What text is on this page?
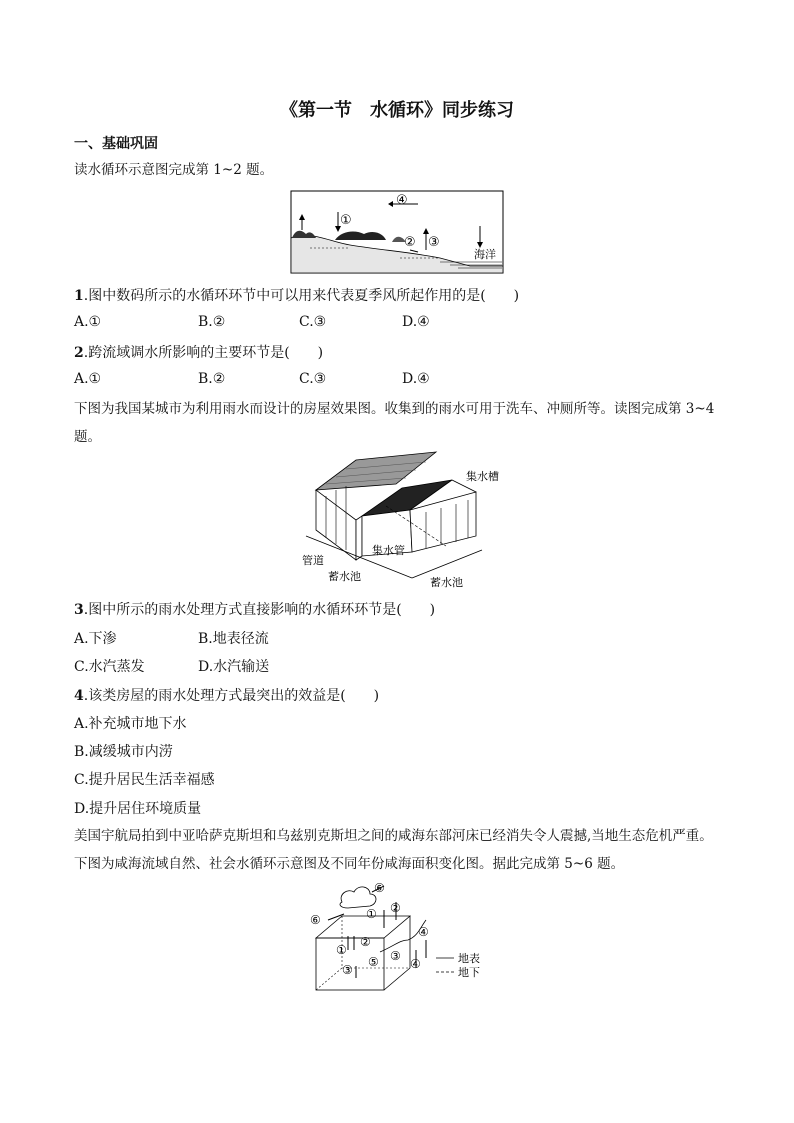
《第一节　水循环》同步练习
一、基础巩固
读水循环示意图完成第 1~2 题。
④
①
② ③
海洋
1.图中数码所示的水循环环节中可以用来代表夏季风所起作用的是(　　)
A.①	B.②	C.③	D.④
2.跨流域调水所影响的主要环节是(　　)
A.①	B.②	C.③	D.④
下图为我国某城市为利用雨水而设计的房屋效果图。收集到的雨水可用于洗车、冲厕所等。读图完成第 3~4 题。
集水槽
集水管
管道
蓄水池	蓄水池
3.图中所示的雨水处理方式直接影响的水循环环节是(　　)
A.下渗	B.地表径流
C.水汽蒸发	D.水汽输送
4.该类房屋的雨水处理方式最突出的效益是(　　)
A.补充城市地下水
B.减缓城市内涝
C.提升居民生活幸福感
D.提升居住环境质量
美国宇航局拍到中亚哈萨克斯坦和乌兹别克斯坦之间的咸海东部河床已经消失令人震撼,当地生态危机严重。下图为咸海流域自然、社会水循环示意图及不同年份咸海面积变化图。据此完成第 5~6 题。
⑥
⑥	① ②
④
①
②
③
⑤ ③
④	地表
地下
